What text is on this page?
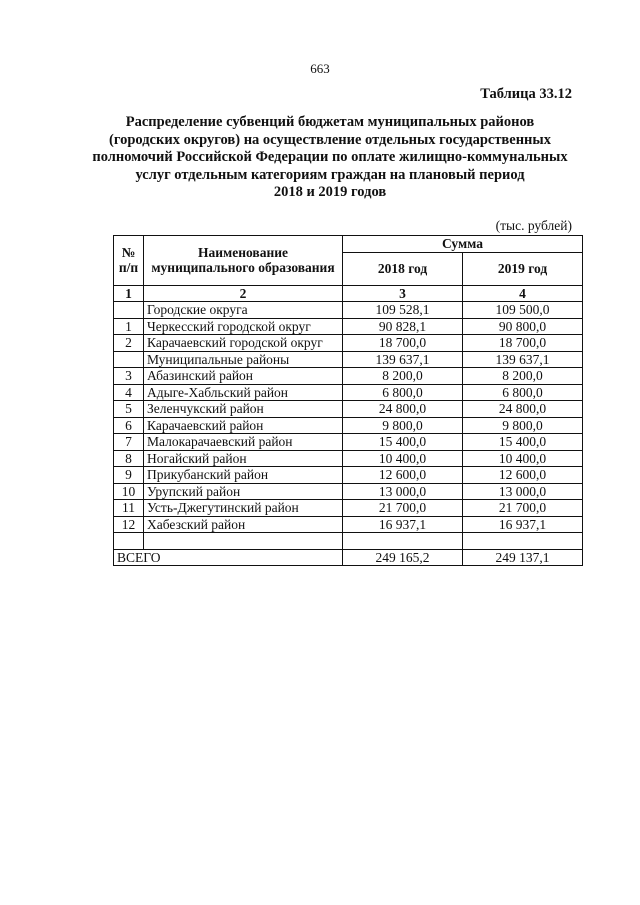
663
Таблица 33.12
Распределение субвенций бюджетам муниципальных районов
(городских округов) на осуществление отдельных государственных
полномочий Российской Федерации по оплате жилищно-коммунальных
услуг отдельным категориям граждан на плановый период
2018 и 2019 годов
(тыс. рублей)
№ п/п	Наименование муниципального образования	Сумма	
		2018 год	2019 год
1	2	3	4
	Городские округа	109 528,1	109 500,0
1	Черкесский городской округ	90 828,1	90 800,0
2	Карачаевский городской округ	18 700,0	18 700,0
	Муниципальные районы	139 637,1	139 637,1
3	Абазинский район	8 200,0	8 200,0
4	Адыге-Хабльский район	6 800,0	6 800,0
5	Зеленчукский район	24 800,0	24 800,0
6	Карачаевский район	9 800,0	9 800,0
7	Малокарачаевский район	15 400,0	15 400,0
8	Ногайский район	10 400,0	10 400,0
9	Прикубанский район	12 600,0	12 600,0
10	Урупский район	13 000,0	13 000,0
11	Усть-Джегутинский район	21 700,0	21 700,0
12	Хабезский район	16 937,1	16 937,1

ВСЕГО		249 165,2	249 137,1
